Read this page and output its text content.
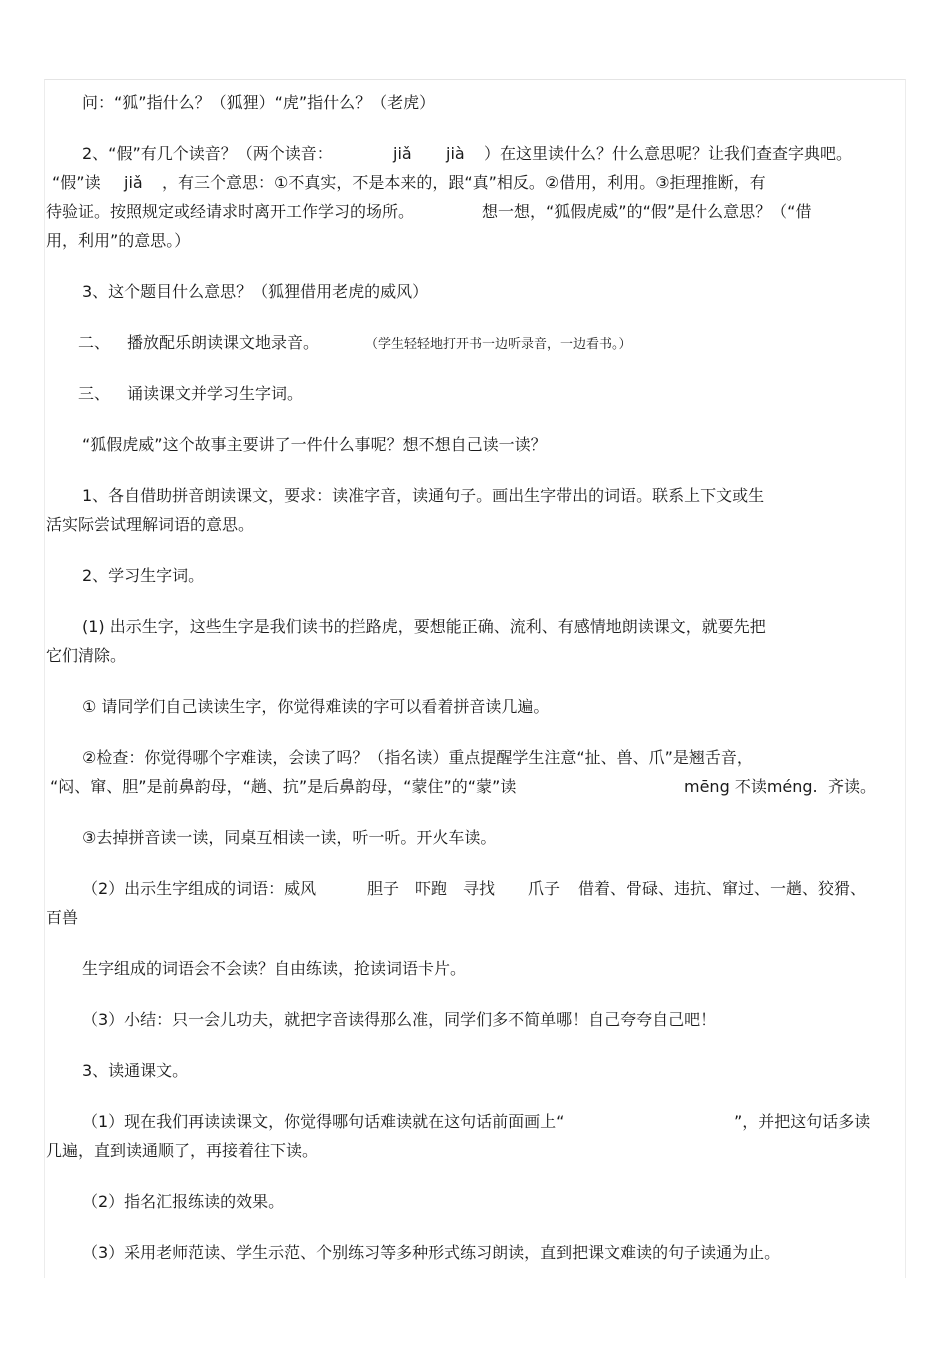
问：“狐”指什么？（狐狸）“虎”指什么？（老虎）

2、“假”有几个读音？（两个读音：	jiǎ jià ）在这里读什么？什么意思呢？让我们查查字典吧。

“假”读 jiǎ ，有三个意思：①不真实，不是本来的，跟“真”相反。②借用，利用。③拒理推断，有

待验证。按照规定或经请求时离开工作学习的场所。	想一想，“狐假虎威”的“假”是什么意思？（“借

用，利用”的意思。）

3、这个题目什么意思？（狐狸借用老虎的威风）

二、 播放配乐朗读课文地录音。	（学生轻轻地打开书一边听录音，一边看书。）

三、 诵读课文并学习生字词。

“狐假虎威”这个故事主要讲了一件什么事呢？想不想自己读一读？

1、各自借助拼音朗读课文，要求：读准字音，读通句子。画出生字带出的词语。联系上下文或生

活实际尝试理解词语的意思。

2、学习生字词。

(1) 出示生字，这些生字是我们读书的拦路虎，要想能正确、流利、有感情地朗读课文，就要先把

它们清除。

① 请同学们自己读读生字，你觉得难读的字可以看着拼音读几遍。

②检查：你觉得哪个字难读，会读了吗？（指名读）重点提醒学生注意“扯、兽、爪”是翘舌音，

“闷、窜、胆”是前鼻韵母，“趟、抗”是后鼻韵母，“蒙住”的“蒙”读	mēng 不读méng. 齐读。

③去掉拼音读一读，同桌互相读一读，听一听。开火车读。

（2）出示生字组成的词语：威风	胆子 吓跑 寻找 爪子 借着、骨碌、违抗、窜过、一趟、狡猾、

百兽

生字组成的词语会不会读？自由练读，抢读词语卡片。

（3）小结：只一会儿功夫，就把字音读得那么准，同学们多不简单哪！自己夸夸自己吧！

3、读通课文。

（1）现在我们再读读课文，你觉得哪句话难读就在这句话前面画上“	”，并把这句话多读

几遍，直到读通顺了，再接着往下读。

（2）指名汇报练读的效果。

（3）采用老师范读、学生示范、个别练习等多种形式练习朗读，直到把课文难读的句子读通为止。
